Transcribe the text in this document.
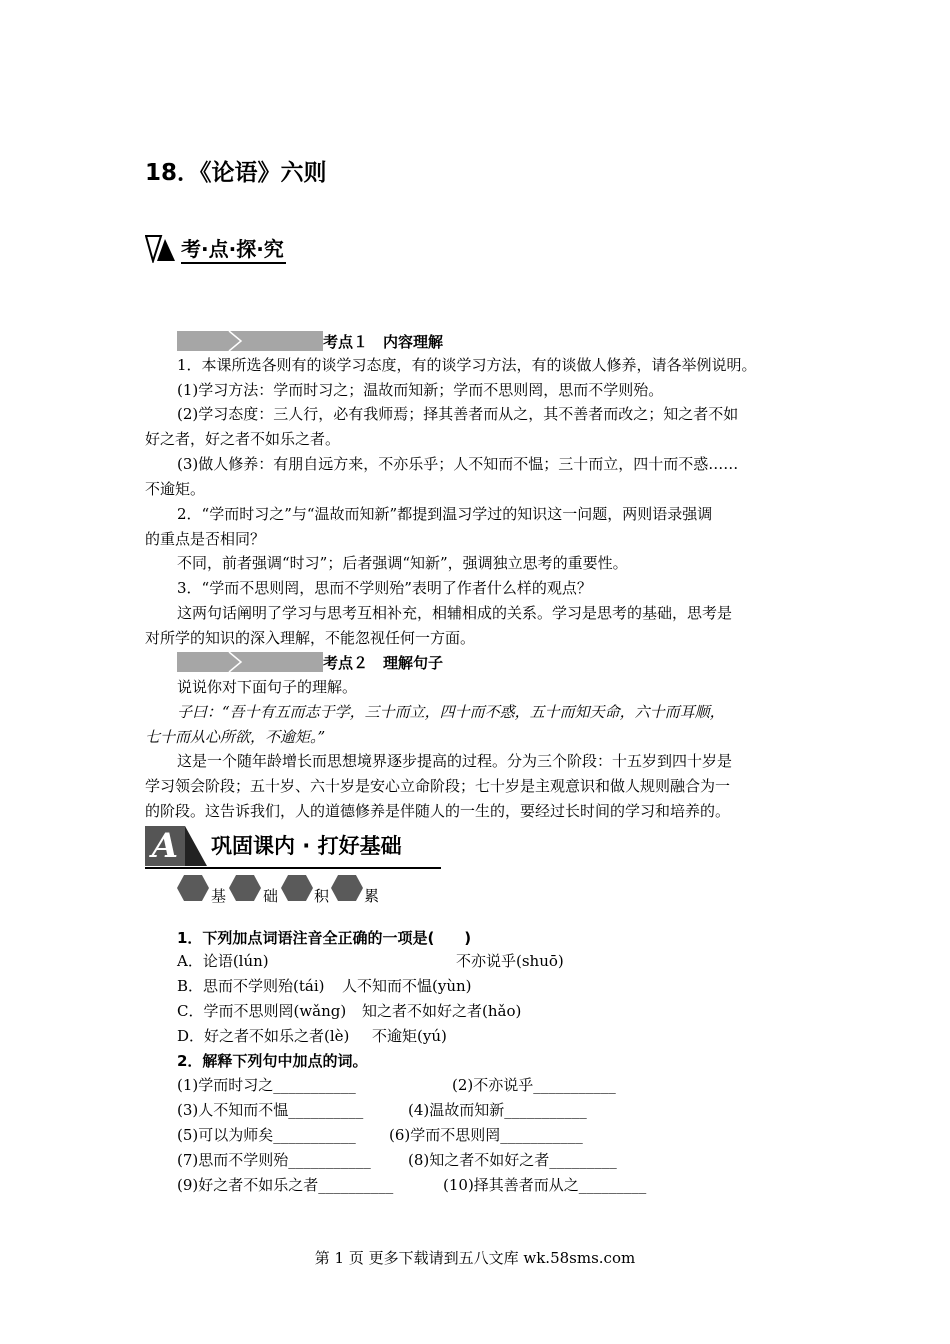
18．《论语》六则
考·点·探·究
考点１　内容理解
1．本课所选各则有的谈学习态度，有的谈学习方法，有的谈做人修养，请各举例说明。
(1)学习方法：学而时习之；温故而知新；学而不思则罔，思而不学则殆。
(2)学习态度：三人行，必有我师焉；择其善者而从之，其不善者而改之；知之者不如
好之者，好之者不如乐之者。
(3)做人修养：有朋自远方来，不亦乐乎；人不知而不愠；三十而立，四十而不惑……
不逾矩。
2．“学而时习之”与“温故而知新”都提到温习学过的知识这一问题，两则语录强调
的重点是否相同？
不同，前者强调“时习”；后者强调“知新”，强调独立思考的重要性。
3．“学而不思则罔，思而不学则殆”表明了作者什么样的观点？
这两句话阐明了学习与思考互相补充，相辅相成的关系。学习是思考的基础，思考是
对所学的知识的深入理解，不能忽视任何一方面。
考点２　理解句子
说说你对下面句子的理解。
子曰：“吾十有五而志于学，三十而立，四十而不惑，五十而知天命，六十而耳顺，
七十而从心所欲，不逾矩。”
这是一个随年龄增长而思想境界逐步提高的过程。分为三个阶段：十五岁到四十岁是
学习领会阶段；五十岁、六十岁是安心立命阶段；七十岁是主观意识和做人规则融合为一
的阶段。这告诉我们，人的道德修养是伴随人的一生的，要经过长时间的学习和培养的。
A	巩固课内 · 打好基础
基 础 积 累
1．下列加点词语注音全正确的一项是(　　)
A．论语(lún)	不亦说乎(shuō)
B．思而不学则殆(tái) 人不知而不愠(yùn)
C．学而不思则罔(wǎng) 知之者不如好之者(hǎo)
D．好之者不如乐之者(lè) 不逾矩(yú)
2．解释下列句中加点的词。
(1)学而时习之___________	(2)不亦说乎___________
(3)人不知而不愠__________	(4)温故而知新___________
(5)可以为师矣___________ (6)学而不思则罔___________
(7)思而不学则殆___________ (8)知之者不如好之者_________
(9)好之者不如乐之者__________	(10)择其善者而从之_________
第 1 页 更多下载请到五八文库 wk.58sms.com
